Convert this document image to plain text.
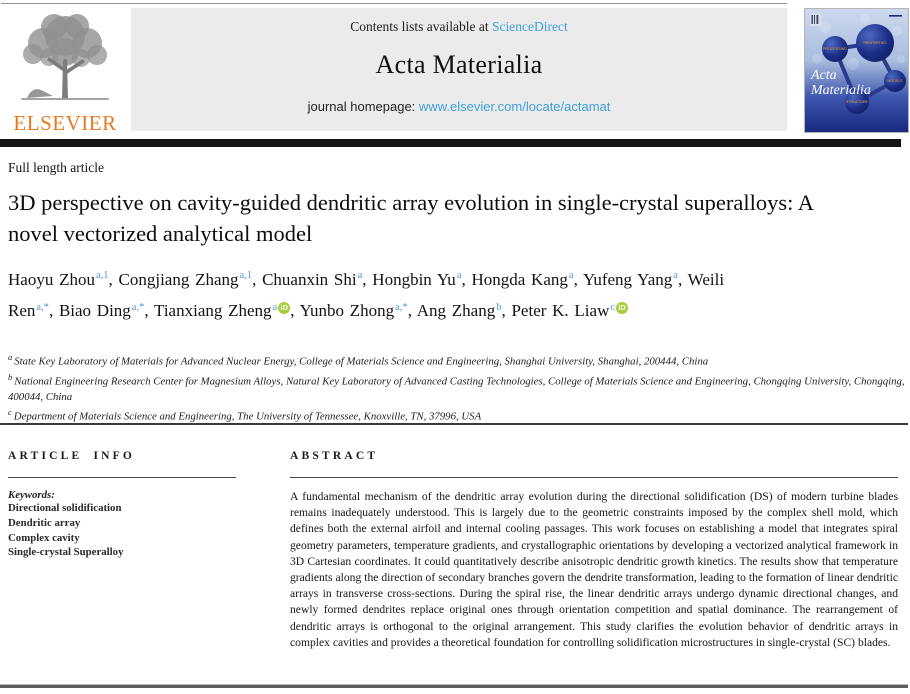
ELSEVIER
Contents lists available at ScienceDirect
Acta Materialia
journal homepage: www.elsevier.com/locate/actamat
PROCESSING
PROPERTIES
MODELS
STRUCTURE
Acta
Materialia
Full length article
3D perspective on cavity-guided dendritic array evolution in single-crystal superalloys: A novel vectorized analytical model
Haoyu Zhou$^{a,1}$, Congjiang Zhang$^{a,1}$, Chuanxin Shi$^a$, Hongbin Yu$^a$, Hongda Kang$^a$, Yufeng Yang$^a$, Weili Ren$^{a,*}$, Biao Ding$^{a,*}$, Tianxiang Zheng$^a$ iD , Yunbo Zhong$^{a,*}$, Ang Zhang$^b$, Peter K. Liaw$^c$ iD
$^a$ State Key Laboratory of Materials for Advanced Nuclear Energy, College of Materials Science and Engineering, Shanghai University, Shanghai, 200444, China
$^b$ National Engineering Research Center for Magnesium Alloys, Natural Key Laboratory of Advanced Casting Technologies, College of Materials Science and Engineering, Chongqing University, Chongqing, 400044, China
$^c$ Department of Materials Science and Engineering, The University of Tennessee, Knoxville, TN, 37996, USA
ARTICLE INFO
Keywords:
Directional solidification
Dendritic array
Complex cavity
Single-crystal Superalloy
ABSTRACT
A fundamental mechanism of the dendritic array evolution during the directional solidification (DS) of modern turbine blades remains inadequately understood. This is largely due to the geometric constraints imposed by the complex shell mold, which defines both the external airfoil and internal cooling passages. This work focuses on establishing a model that integrates spiral geometry parameters, temperature gradients, and crystallographic orientations by developing a vectorized analytical framework in 3D Cartesian coordinates. It could quantitatively describe anisotropic dendritic growth kinetics. The results show that temperature gradients along the direction of secondary branches govern the dendrite transformation, leading to the formation of linear dendritic arrays in transverse cross-sections. During the spiral rise, the linear dendritic arrays undergo dynamic directional changes, and newly formed dendrites replace original ones through orientation competition and spatial dominance. The rearrangement of dendritic arrays is orthogonal to the original arrangement. This study clarifies the evolution behavior of dendritic arrays in complex cavities and provides a theoretical foundation for controlling solidification microstructures in single-crystal (SC) blades.
